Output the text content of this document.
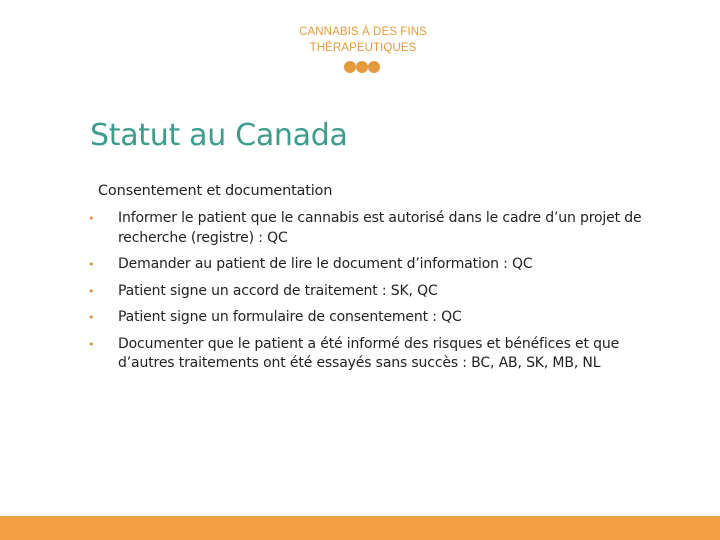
CANNABIS À DES FINS
THÉRAPEUTIQUES
Statut au Canada
Consentement et documentation
• Informer le patient que le cannabis est autorisé dans le cadre d’un projet de recherche (registre) : QC
• Demander au patient de lire le document d’information : QC
• Patient signe un accord de traitement : SK, QC
• Patient signe un formulaire de consentement : QC
• Documenter que le patient a été informé des risques et bénéfices et que d’autres traitements ont été essayés sans succès : BC, AB, SK, MB, NL
